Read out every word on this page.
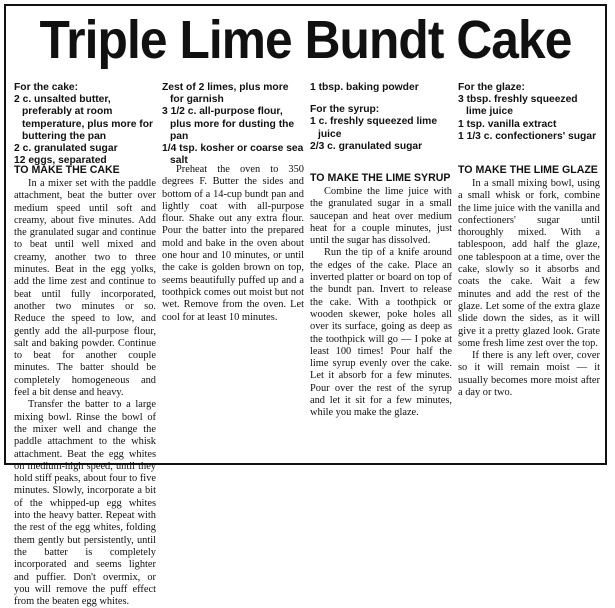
Triple Lime Bundt Cake
For the cake:
2 c. unsalted butter, preferably at room temperature, plus more for buttering the pan
2 c. granulated sugar
12 eggs, separated
Zest of 2 limes, plus more for garnish
3 1/2 c. all-purpose flour, plus more for dusting the pan
1/4 tsp. kosher or coarse sea salt
1 tbsp. baking powder
For the syrup:
1 c. freshly squeezed lime juice
2/3 c. granulated sugar
For the glaze:
3 tbsp. freshly squeezed lime juice
1 tsp. vanilla extract
1 1/3 c. confectioners' sugar
TO MAKE THE CAKE

In a mixer set with the paddle attachment, beat the butter over medium speed until soft and creamy, about five minutes. Add the granulated sugar and continue to beat until well mixed and creamy, another two to three minutes. Beat in the egg yolks, add the lime zest and continue to beat until fully incorporated, another two minutes or so. Reduce the speed to low, and gently add the all-purpose flour, salt and baking powder. Continue to beat for another couple minutes. The batter should be completely homogeneous and feel a bit dense and heavy.

Transfer the batter to a large mixing bowl. Rinse the bowl of the mixer well and change the paddle attachment to the whisk attachment. Beat the egg whites on medium-high speed, until they hold stiff peaks, about four to five minutes. Slowly, incorporate a bit of the whipped-up egg whites into the heavy batter. Repeat with the rest of the egg whites, folding them gently but persistently, until the batter is completely incorporated and seems lighter and puffier. Don't overmix, or you will remove the puff effect from the beaten egg whites.

Preheat the oven to 350 degrees F. Butter the sides and bottom of a 14-cup bundt pan and lightly coat with all-purpose flour. Shake out any extra flour. Pour the batter into the prepared mold and bake in the oven about one hour and 10 minutes, or until the cake is golden brown on top, seems beautifully puffed up and a toothpick comes out moist but not wet. Remove from the oven. Let cool for at least 10 minutes.

TO MAKE THE LIME SYRUP

Combine the lime juice with the granulated sugar in a small saucepan and heat over medium heat for a couple minutes, just until the sugar has dissolved.

Run the tip of a knife around the edges of the cake. Place an inverted platter or board on top of the bundt pan. Invert to release the cake. With a toothpick or wooden skewer, poke holes all over its surface, going as deep as the toothpick will go — I poke at least 100 times! Pour half the lime syrup evenly over the cake. Let it absorb for a few minutes. Pour over the rest of the syrup and let it sit for a few minutes, while you make the glaze.

TO MAKE THE LIME GLAZE

In a small mixing bowl, using a small whisk or fork, combine the lime juice with the vanilla and confectioners' sugar until thoroughly mixed. With a tablespoon, add half the glaze, one tablespoon at a time, over the cake, slowly so it absorbs and coats the cake. Wait a few minutes and add the rest of the glaze. Let some of the extra glaze slide down the sides, as it will give it a pretty glazed look. Grate some fresh lime zest over the top.

If there is any left over, cover so it will remain moist — it usually becomes more moist after a day or two.
